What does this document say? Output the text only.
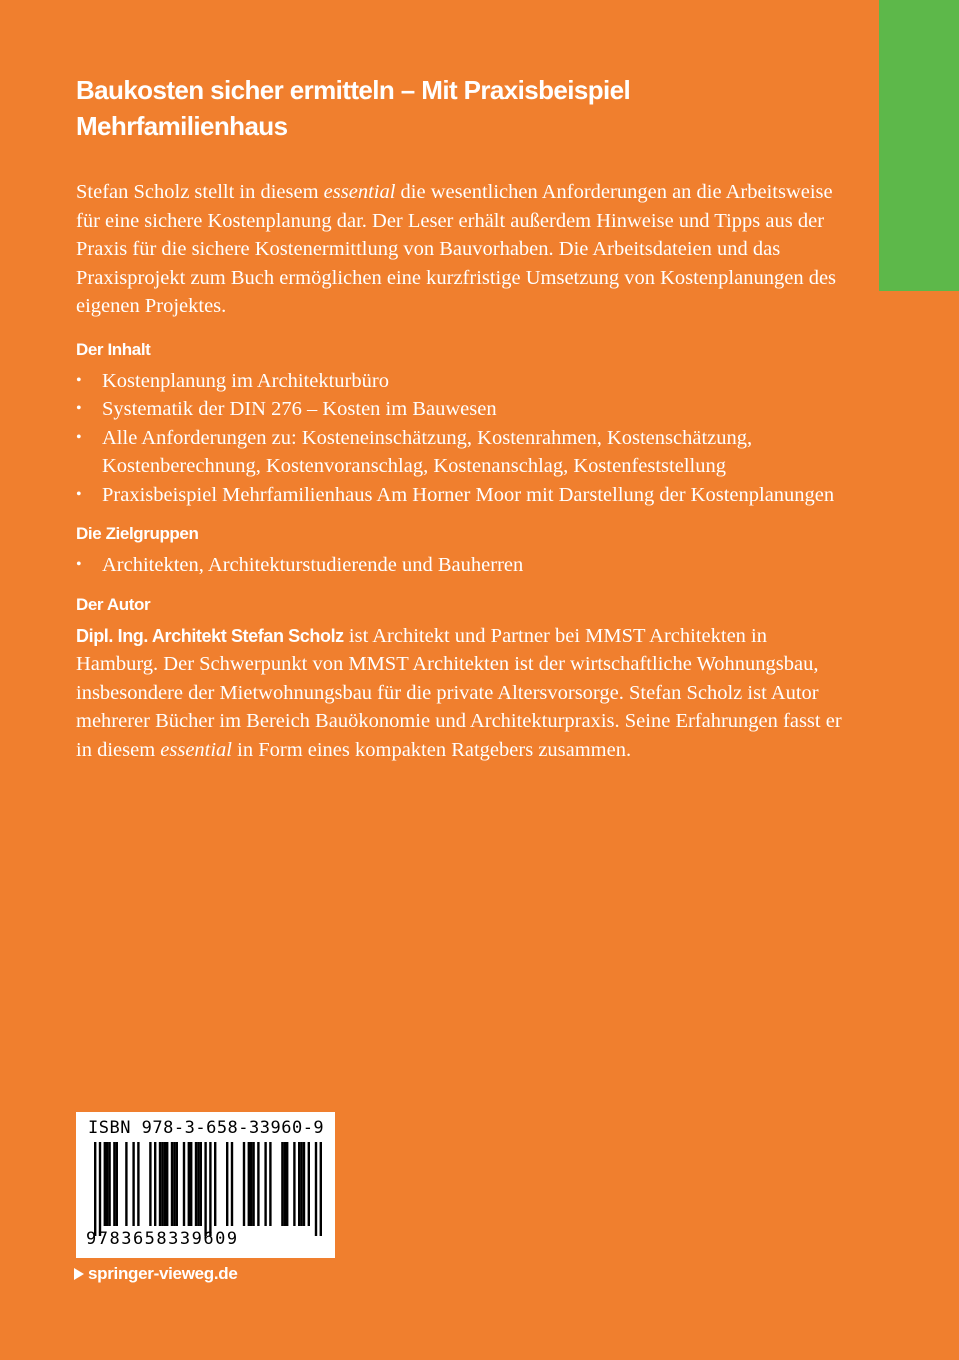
Baukosten sicher ermitteln – Mit Praxisbeispiel
Mehrfamilienhaus

Stefan Scholz stellt in diesem essential die wesentlichen Anforderungen an die Arbeitsweise für eine sichere Kostenplanung dar. Der Leser erhält außerdem Hinweise und Tipps aus der Praxis für die sichere Kostenermittlung von Bauvorhaben. Die Arbeitsdateien und das Praxisprojekt zum Buch ermöglichen eine kurzfristige Umsetzung von Kostenplanungen des eigenen Projektes.

Der Inhalt
• Kostenplanung im Architekturbüro
• Systematik der DIN 276 – Kosten im Bauwesen
• Alle Anforderungen zu: Kosteneinschätzung, Kostenrahmen, Kostenschätzung, Kostenberechnung, Kostenvoranschlag, Kostenanschlag, Kostenfeststellung
• Praxisbeispiel Mehrfamilienhaus Am Horner Moor mit Darstellung der Kostenplanungen
Die Zielgruppen
• Architekten, Architekturstudierende und Bauherren
Der Autor

Dipl. Ing. Architekt Stefan Scholz ist Architekt und Partner bei MMST Architekten in Hamburg. Der Schwerpunkt von MMST Architekten ist der wirtschaftliche Wohnungsbau, insbesondere der Mietwohnungsbau für die private Altersvorsorge. Stefan Scholz ist Autor mehrerer Bücher im Bereich Bauökonomie und Architekturpraxis. Seine Erfahrungen fasst er in diesem essential in Form eines kompakten Ratgebers zusammen.

ISBN 978-3-658-33960-9
9783658339609
springer-vieweg.de
